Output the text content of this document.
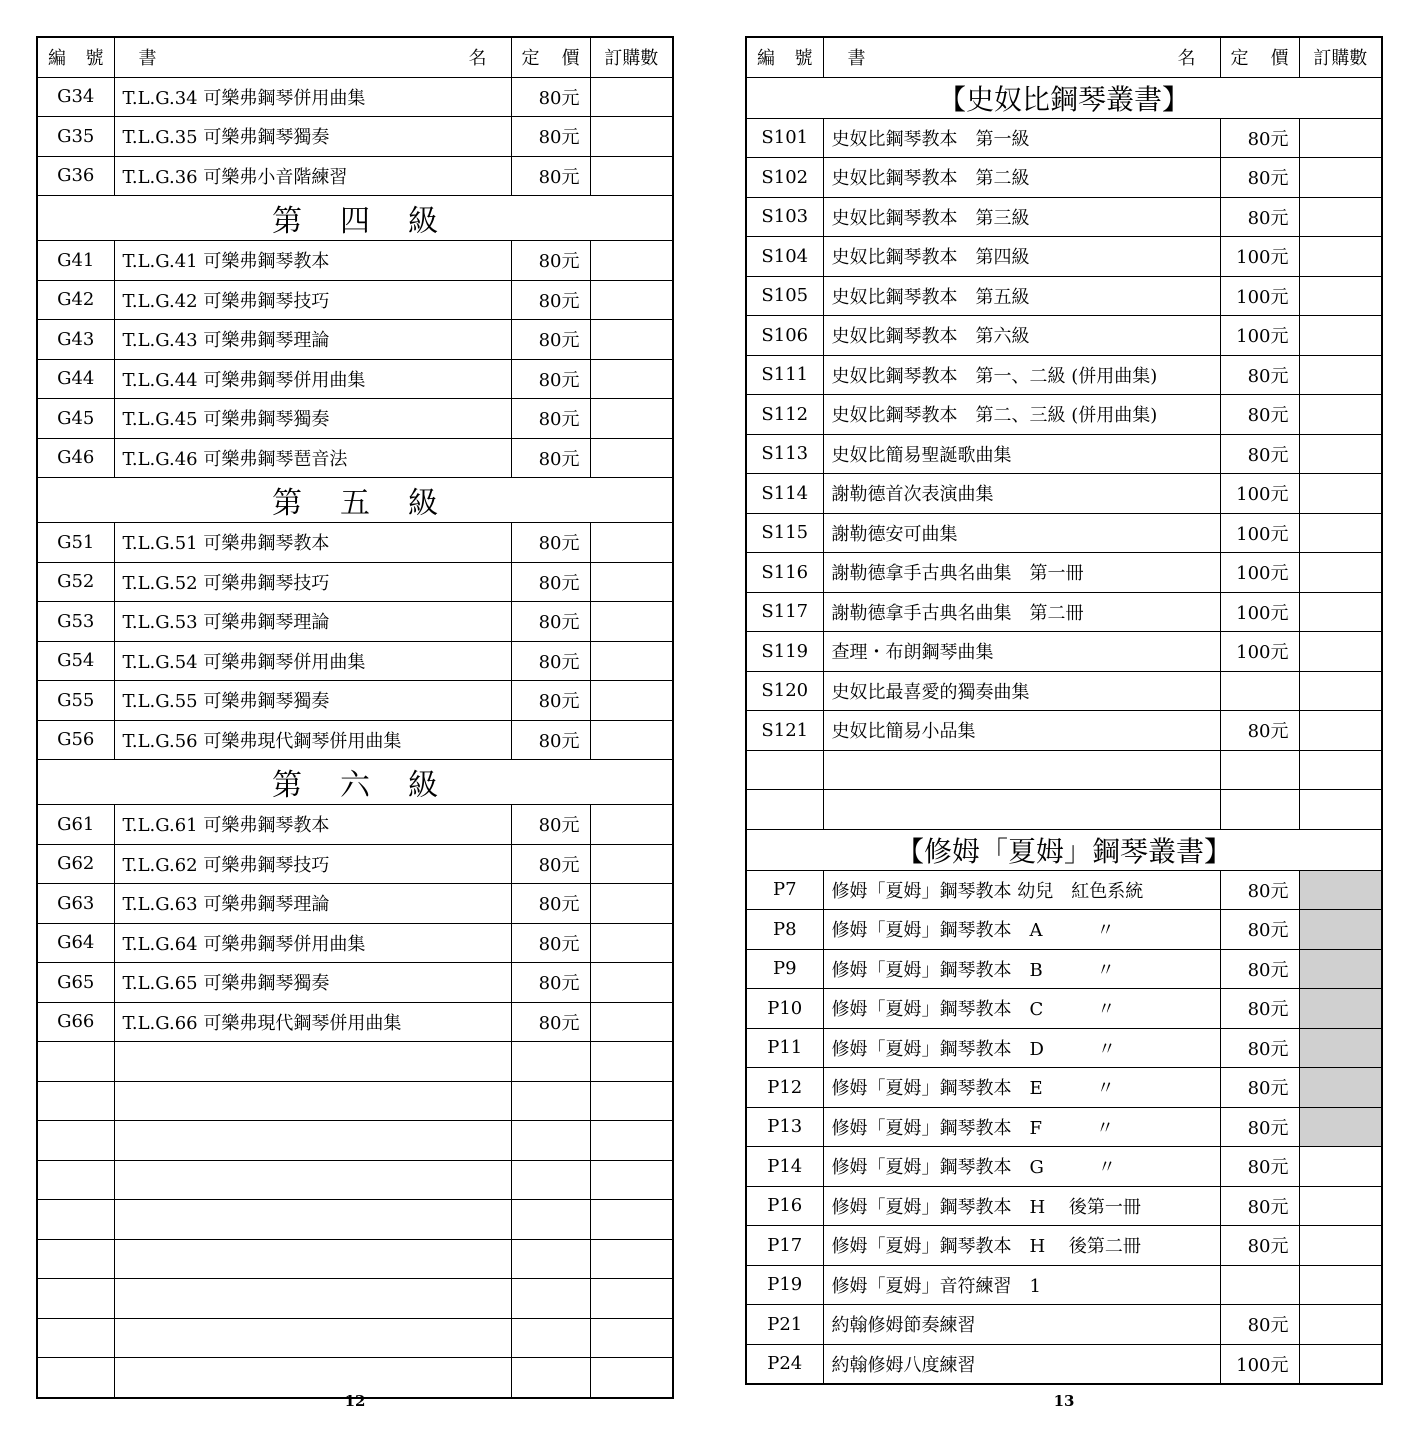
編 號	書 名	定 價	訂購數
G34	T.L.G.34 可樂弗鋼琴併用曲集	80元	
G35	T.L.G.35 可樂弗鋼琴獨奏	80元	
G36	T.L.G.36 可樂弗小音階練習	80元	
第四級			
G41	T.L.G.41 可樂弗鋼琴教本	80元	
G42	T.L.G.42 可樂弗鋼琴技巧	80元	
G43	T.L.G.43 可樂弗鋼琴理論	80元	
G44	T.L.G.44 可樂弗鋼琴併用曲集	80元	
G45	T.L.G.45 可樂弗鋼琴獨奏	80元	
G46	T.L.G.46 可樂弗鋼琴琶音法	80元	
第五級			
G51	T.L.G.51 可樂弗鋼琴教本	80元	
G52	T.L.G.52 可樂弗鋼琴技巧	80元	
G53	T.L.G.53 可樂弗鋼琴理論	80元	
G54	T.L.G.54 可樂弗鋼琴併用曲集	80元	
G55	T.L.G.55 可樂弗鋼琴獨奏	80元	
G56	T.L.G.56 可樂弗現代鋼琴併用曲集	80元	
第六級			
G61	T.L.G.61 可樂弗鋼琴教本	80元	
G62	T.L.G.62 可樂弗鋼琴技巧	80元	
G63	T.L.G.63 可樂弗鋼琴理論	80元	
G64	T.L.G.64 可樂弗鋼琴併用曲集	80元	
G65	T.L.G.65 可樂弗鋼琴獨奏	80元	
G66	T.L.G.66 可樂弗現代鋼琴併用曲集	80元	

編 號	書 名	定 價	訂購數
【史奴比鋼琴叢書】			
S101	史奴比鋼琴教本　第一級	80元	
S102	史奴比鋼琴教本　第二級	80元	
S103	史奴比鋼琴教本　第三級	80元	
S104	史奴比鋼琴教本　第四級	100元	
S105	史奴比鋼琴教本　第五級	100元	
S106	史奴比鋼琴教本　第六級	100元	
S111	史奴比鋼琴教本　第一、二級 (併用曲集)	80元	
S112	史奴比鋼琴教本　第二、三級 (併用曲集)	80元	
S113	史奴比簡易聖誕歌曲集	80元	
S114	謝勒德首次表演曲集	100元	
S115	謝勒德安可曲集	100元	
S116	謝勒德拿手古典名曲集　第一冊	100元	
S117	謝勒德拿手古典名曲集　第二冊	100元	
S119	查理・布朗鋼琴曲集	100元	
S120	史奴比最喜愛的獨奏曲集		
S121	史奴比簡易小品集	80元	

【修姆「夏姆」鋼琴叢書】			
P7	修姆「夏姆」鋼琴教本 幼兒　紅色系統	80元	
P8	修姆「夏姆」鋼琴教本　A　　　〃	80元	
P9	修姆「夏姆」鋼琴教本　B　　　〃	80元	
P10	修姆「夏姆」鋼琴教本　C　　　〃	80元	
P11	修姆「夏姆」鋼琴教本　D　　　〃	80元	
P12	修姆「夏姆」鋼琴教本　E　　　〃	80元	
P13	修姆「夏姆」鋼琴教本　F　　　〃	80元	
P14	修姆「夏姆」鋼琴教本　G　　　〃	80元	
P16	修姆「夏姆」鋼琴教本　H　 後第一冊	80元	
P17	修姆「夏姆」鋼琴教本　H　 後第二冊	80元	
P19	修姆「夏姆」音符練習　1		
P21	約翰修姆節奏練習	80元	
P24	約翰修姆八度練習	100元	
12	13
